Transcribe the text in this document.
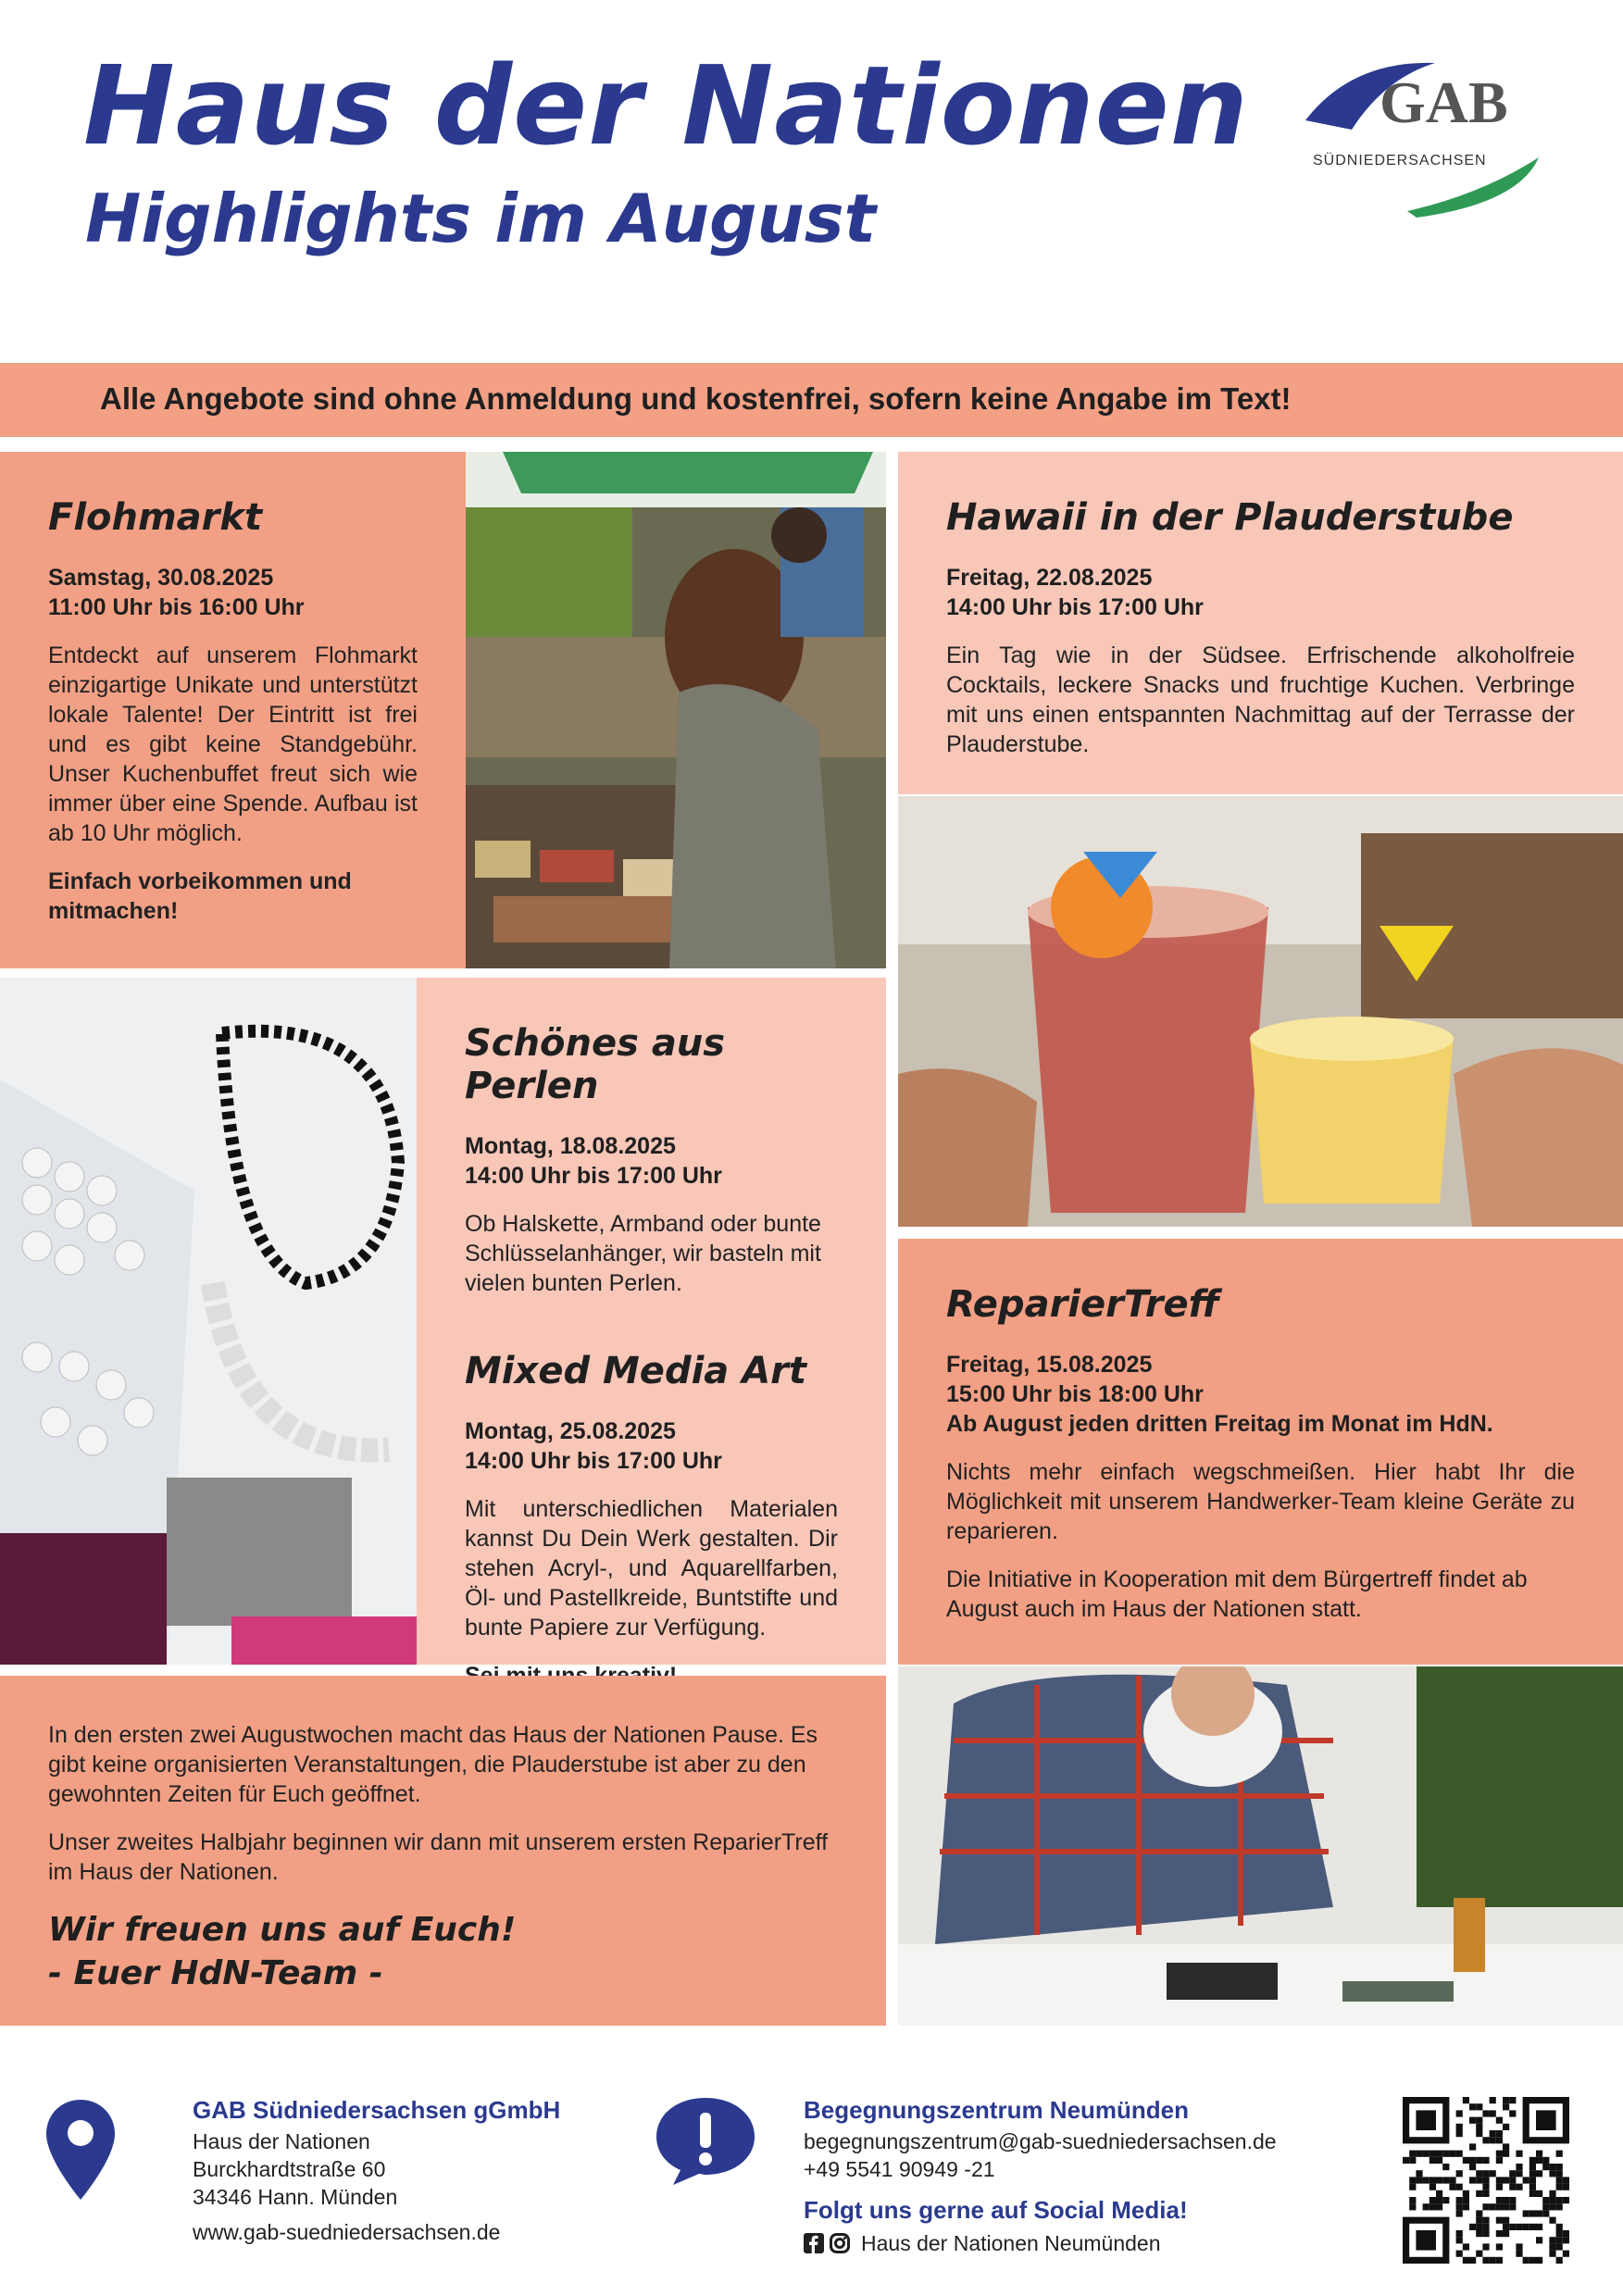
Haus der Nationen
Highlights im August
GAB
SÜDNIEDERSACHSEN
Alle Angebote sind ohne Anmeldung und kostenfrei, sofern keine Angabe im Text!
Flohmarkt
Samstag, 30.08.2025
11:00 Uhr bis 16:00 Uhr

Entdeckt auf unserem Flohmarkt einzigartige Unikate und unterstützt lokale Talente! Der Eintritt ist frei und es gibt keine Standgebühr. Unser Kuchenbuffet freut sich wie immer über eine Spende. Aufbau ist ab 10 Uhr möglich.

Einfach vorbeikommen und mitmachen!

Hawaii in der Plauderstube
Freitag, 22.08.2025
14:00 Uhr bis 17:00 Uhr

Ein Tag wie in der Südsee. Erfrischende alkoholfreie Cocktails, leckere Snacks und fruchtige Kuchen. Verbringe mit uns einen entspannten Nachmittag auf der Terrasse der Plauderstube.

Schönes aus Perlen
Montag, 18.08.2025
14:00 Uhr bis 17:00 Uhr

Ob Halskette, Armband oder bunte Schlüsselanhänger, wir basteln mit vielen bunten Perlen.

Mixed Media Art
Montag, 25.08.2025
14:00 Uhr bis 17:00 Uhr

Mit unterschiedlichen Materialen kannst Du Dein Werk gestalten. Dir stehen Acryl-, und Aquarellfarben, Öl- und Pastellkreide, Buntstifte und bunte Papiere zur Verfügung.

ReparierTreff
Freitag, 15.08.2025
15:00 Uhr bis 18:00 Uhr
Ab August jeden dritten Freitag im Monat im HdN.

Nichts mehr einfach wegschmeißen. Hier habt Ihr die Möglichkeit mit unserem Handwerker-Team kleine Geräte zu reparieren.

Die Initiative in Kooperation mit dem Bürgertreff findet ab August auch im Haus der Nationen statt.

In den ersten zwei Augustwochen macht das Haus der Nationen Pause. Es gibt keine organisierten Veranstaltungen, die Plauderstube ist aber zu den gewohnten Zeiten für Euch geöffnet.

Unser zweites Halbjahr beginnen wir dann mit unserem ersten ReparierTreff im Haus der Nationen.

Wir freuen uns auf Euch!
- Euer HdN-Team -
GAB Südniedersachsen gGmbH
Haus der Nationen
Burckhardtstraße 60
34346 Hann. Münden
www.gab-suedniedersachsen.de
Begegnungszentrum Neumünden
begegnungszentrum@gab-suedniedersachsen.de
+49 5541 90949 -21
Folgt uns gerne auf Social Media!
Haus der Nationen Neumünden
